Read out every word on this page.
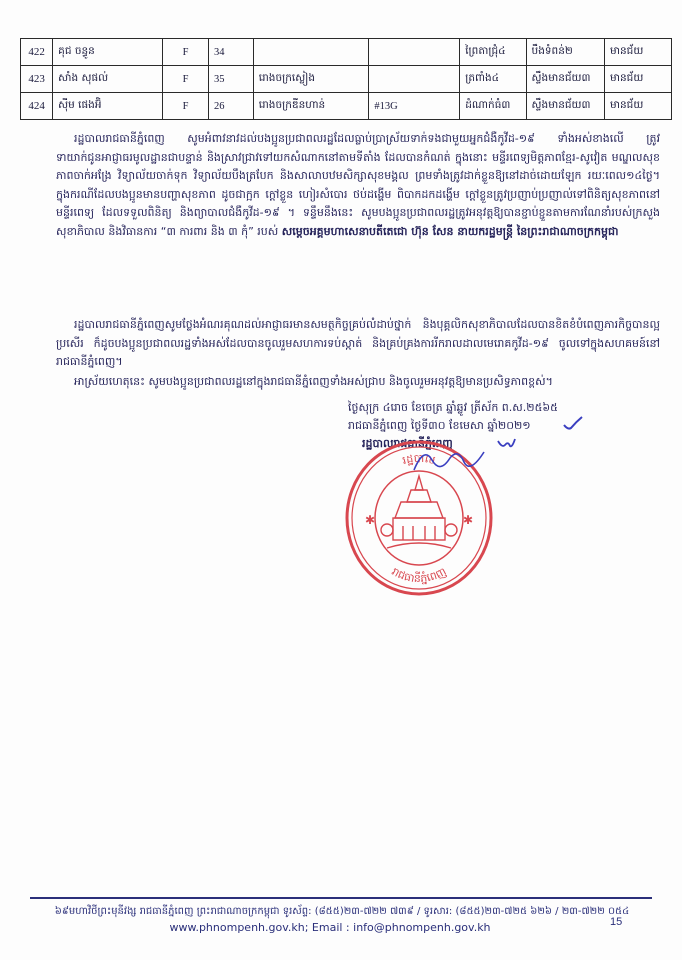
422	គុជ ចន្ធូន	F	34			ព្រៃតាជ្រុំ៤	បឹងទំពន់២	មានជ័យ
423	សាំង សុផល់	F	35	រោងចក្រស្លៀង		ត្រពាំង៤	ស្ទឹងមានជ័យ៣	មានជ័យ
424	ស៊ីម ផេងអ៊ិ	F	26	រោងចក្រឌីនហាន់	#13G	ដំណាក់ធំ៣	ស្ទឹងមានជ័យ៣	មានជ័យ

រដ្ឋបាលរាជធានីភ្នំពេញ សូមអំពាវនាវដល់បងប្អូនប្រជាពលរដ្ឋដែលធ្លាប់ប្រាស្រ័យទាក់ទងជាមួយអ្នកជំងឺកូវីដ-១៩ ទាំងអស់ខាងលើ ត្រូវទាយាក់ជូនអាជ្ញាធរមូលដ្ឋានជាបន្ទាន់ និងស្រាវជ្រាវទៅយកសំណាកនៅតាមទីតាំង ដែលបានកំណត់ ក្នុងនោះ មន្ទីរពេទ្យមិត្តភាពខ្មែរ-សូវៀត មណ្ឌលសុខភាពចាក់អង្រែ វិទ្យាល័យចាក់ទុក វិទ្យាល័យបឹងត្របែក និងសាលាបឋមសិក្សាសុខមង្គល ព្រមទាំងត្រូវដាក់ខ្លួនឱ្យនៅដាច់ដោយឡែក រយៈពេល១៤ថ្ងៃ។ ក្នុងករណីដែលបងប្អូនមានបញ្ហាសុខភាព ដូចជាក្អក ក្តៅខ្លួន ហៀរសំបោរ ថប់ដង្ហើម ពិបាកដកដង្ហើម ក្តៅខ្លួនត្រូវប្រញាប់ប្រញាល់ទៅពិនិត្យសុខភាពនៅមន្ទីរពេទ្យ ដែលទទួលពិនិត្យ និងព្យាបាលជំងឺកូវីដ-១៩ ។ ទន្ទឹមនឹងនេះ សូមបងប្អូនប្រជាពលរដ្ឋត្រូវអនុវត្តឱ្យបានខ្ជាប់ខ្ជួនតាមការណែនាំរបស់ក្រសួងសុខាភិបាល និងវិធានការ “៣ ការពារ និង ៣ កុំ” របស់ សម្តេចអគ្គមហាសេនាបតីតេជោ ហ៊ុន សែន នាយករដ្ឋមន្ត្រី នៃព្រះរាជាណាចក្រកម្ពុជា

រដ្ឋបាលរាជធានីភ្នំពេញសូមថ្លែងអំណរគុណដល់អាជ្ញាធរមានសមត្ថកិច្ចគ្រប់លំដាប់ថ្នាក់ និងបុគ្គលិកសុខាភិបាលដែលបានខិតខំបំពេញភារកិច្ចបានល្អប្រសើរ ក៏ដូចបងប្អូនប្រជាពលរដ្ឋទាំងអស់ដែលបានចូលរួមសហការទប់ស្កាត់ និងគ្រប់គ្រងការរីករាលដាលមេរោគកូវីដ-១៩ ចូលទៅក្នុងសហគមន៍នៅរាជធានីភ្នំពេញ។

អាស្រ័យហេតុនេះ សូមបងប្អូនប្រជាពលរដ្ឋនៅក្នុងរាជធានីភ្នំពេញទាំងអស់ជ្រាប និងចូលរួមអនុវត្តឱ្យមានប្រសិទ្ធភាពខ្ពស់។

ថ្ងៃសុក្រ ៤រោច ខែចេត្រ ឆ្នាំឆ្លូវ ត្រីស័ក ព.ស.២៥៦៥
រាជធានីភ្នំពេញ ថ្ងៃទី៣០ ខែមេសា ឆ្នាំ២០២១
រដ្ឋបាលរាជធានីភ្នំពេញ
រដ្ឋបាល
រាជធានីភ្នំពេញ
✱	✱
៦៩មហាវិថីព្រះមុនីវង្ស រាជធានីភ្នំពេញ ព្រះរាជាណាចក្រកម្ពុជា ទូរស័ព្ទ: (៨៥៥)២៣-៧២២ ៧៣៩ / ទូរសារ: (៨៥៥)២៣-៧២៥ ៦២៦ / ២៣-៧២២ ០៥៤
www.phnompenh.gov.kh; Email : info@phnompenh.gov.kh	15
